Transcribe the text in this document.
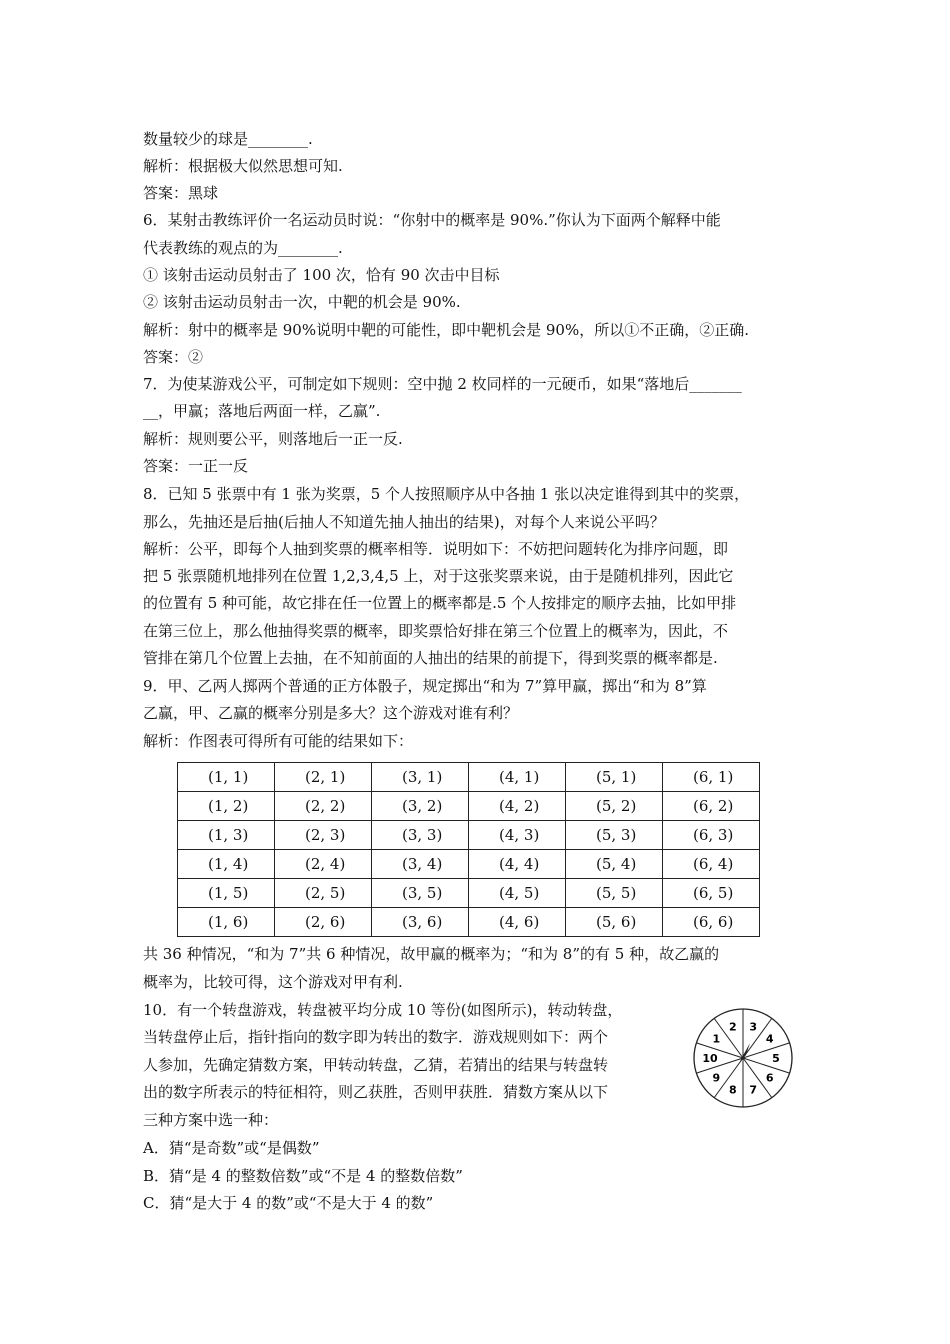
数量较少的球是________.
解析：根据极大似然思想可知.
答案：黑球
6．某射击教练评价一名运动员时说：“你射中的概率是 90%.”你认为下面两个解释中能
代表教练的观点的为________.
① 该射击运动员射击了 100 次，恰有 90 次击中目标
② 该射击运动员射击一次，中靶的机会是 90%.
解析：射中的概率是 90%说明中靶的可能性，即中靶机会是 90%，所以①不正确，②正确.
答案：②
7．为使某游戏公平，可制定如下规则：空中抛 2 枚同样的一元硬币，如果“落地后_______
__，甲赢；落地后两面一样，乙赢”.
解析：规则要公平，则落地后一正一反.
答案：一正一反
8．已知 5 张票中有 1 张为奖票，5 个人按照顺序从中各抽 1 张以决定谁得到其中的奖票，
那么，先抽还是后抽(后抽人不知道先抽人抽出的结果)，对每个人来说公平吗？
解析：公平，即每个人抽到奖票的概率相等．说明如下：不妨把问题转化为排序问题，即
把 5 张票随机地排列在位置 1,2,3,4,5 上，对于这张奖票来说，由于是随机排列，因此它
的位置有 5 种可能，故它排在任一位置上的概率都是.5 个人按排定的顺序去抽，比如甲排
在第三位上，那么他抽得奖票的概率，即奖票恰好排在第三个位置上的概率为，因此，不
管排在第几个位置上去抽，在不知前面的人抽出的结果的前提下，得到奖票的概率都是.
9．甲、乙两人掷两个普通的正方体骰子，规定掷出“和为 7”算甲赢，掷出“和为 8”算
乙赢，甲、乙赢的概率分别是多大？这个游戏对谁有利？
解析：作图表可得所有可能的结果如下：
(1, 1)	(2, 1)	(3, 1)	(4, 1)	(5, 1)	(6, 1)
(1, 2)	(2, 2)	(3, 2)	(4, 2)	(5, 2)	(6, 2)
(1, 3)	(2, 3)	(3, 3)	(4, 3)	(5, 3)	(6, 3)
(1, 4)	(2, 4)	(3, 4)	(4, 4)	(5, 4)	(6, 4)
(1, 5)	(2, 5)	(3, 5)	(4, 5)	(5, 5)	(6, 5)
(1, 6)	(2, 6)	(3, 6)	(4, 6)	(5, 6)	(6, 6)
共 36 种情况，“和为 7”共 6 种情况，故甲赢的概率为；“和为 8”的有 5 种，故乙赢的
概率为，比较可得，这个游戏对甲有利.
10．有一个转盘游戏，转盘被平均分成 10 等份(如图所示)，转动转盘，
当转盘停止后，指针指向的数字即为转出的数字．游戏规则如下：两个
人参加，先确定猜数方案，甲转动转盘，乙猜，若猜出的结果与转盘转
出的数字所表示的特征相符，则乙获胜，否则甲获胜．猜数方案从以下
三种方案中选一种：
A．猜“是奇数”或“是偶数”
B．猜“是 4 的整数倍数”或“不是 4 的整数倍数”
C．猜“是大于 4 的数”或“不是大于 4 的数”
3
4
5
6
7
8
9
10
1
2
